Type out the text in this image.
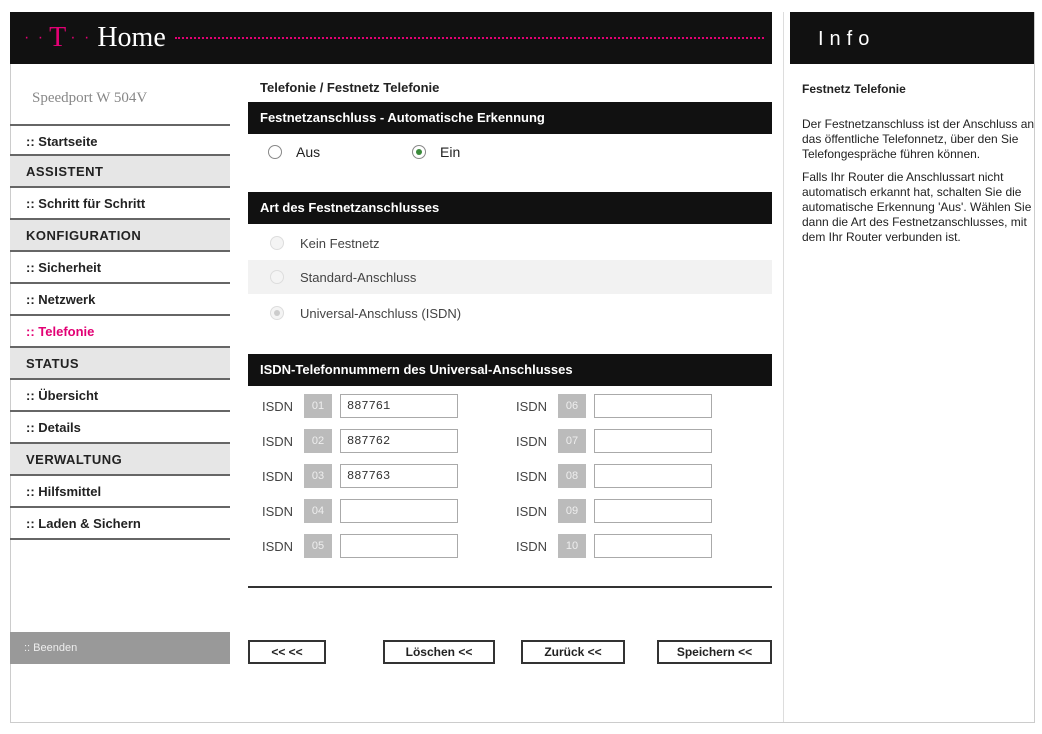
· · T · · Home	Info
Speedport W 504V
:: Startseite
ASSISTENT
:: Schritt für Schritt
KONFIGURATION
:: Sicherheit
:: Netzwerk
:: Telefonie
STATUS
:: Übersicht
:: Details
VERWALTUNG
:: Hilfsmittel
:: Laden & Sichern
:: Beenden
Telefonie / Festnetz Telefonie
Festnetzanschluss - Automatische Erkennung
Aus	Ein
Art des Festnetzanschlusses
Kein Festnetz
Standard-Anschluss
Universal-Anschluss (ISDN)
ISDN-Telefonnummern des Universal-Anschlusses
ISDN	01
887761
ISDN	02
887762
ISDN	03
887763
ISDN	04
ISDN	05
ISDN	06
ISDN	07
ISDN	08
ISDN	09
ISDN	10
<< <<	Löschen <<	Zurück <<	Speichern <<
Festnetz Telefonie

Der Festnetzanschluss ist der Anschluss an das öffentliche Telefonnetz, über den Sie Telefongespräche führen können.

Falls Ihr Router die Anschlussart nicht automatisch erkannt hat, schalten Sie die automatische Erkennung 'Aus'. Wählen Sie dann die Art des Festnetzanschlusses, mit dem Ihr Router verbunden ist.
